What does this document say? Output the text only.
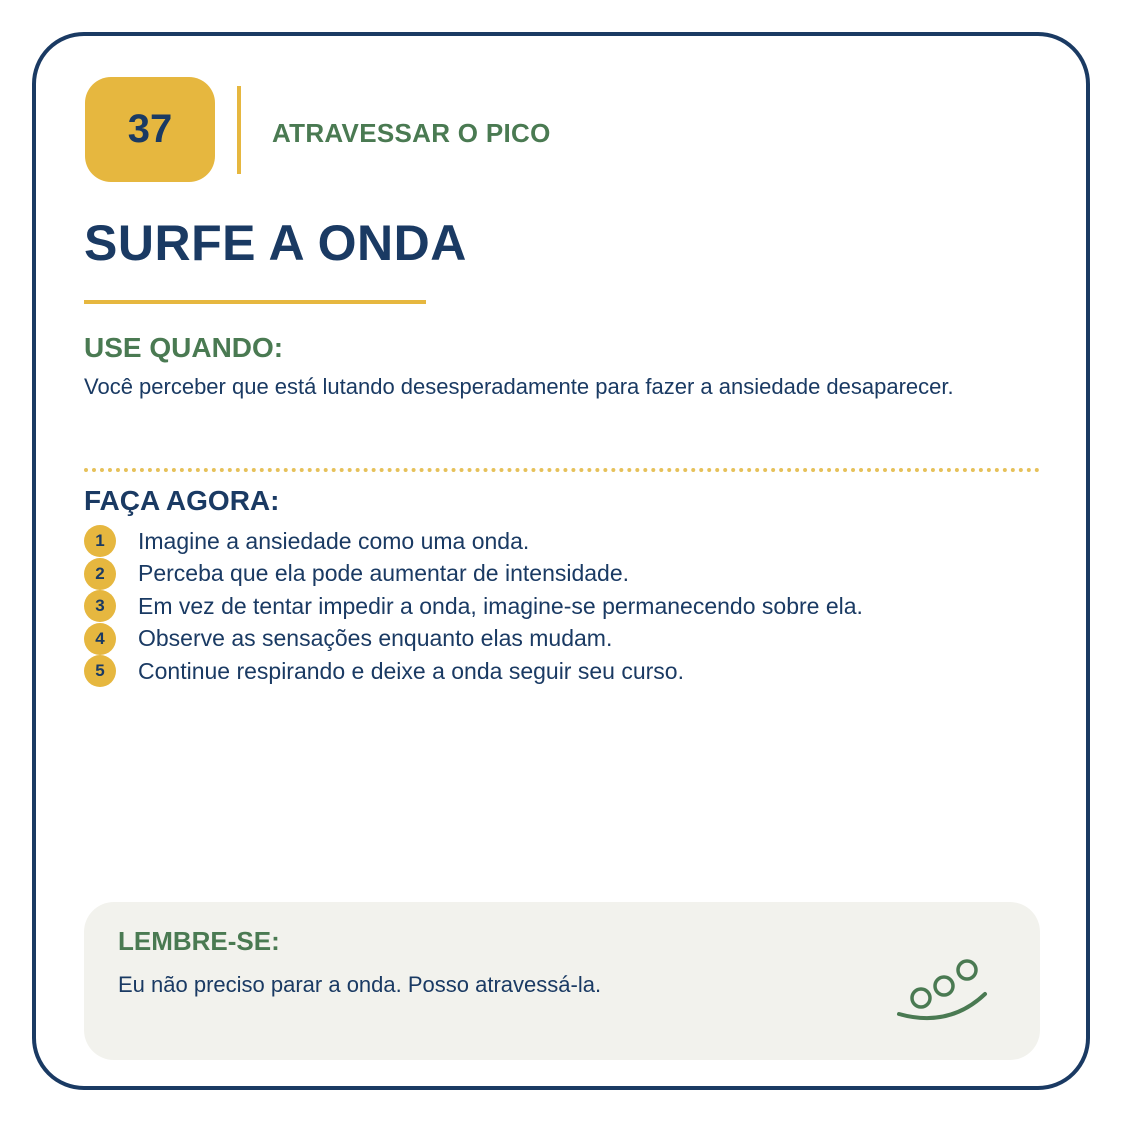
37	ATRAVESSAR O PICO
SURFE A ONDA
USE QUANDO:
Você perceber que está lutando desesperadamente para fazer a ansiedade desaparecer.
FAÇA AGORA:
1	Imagine a ansiedade como uma onda.
2	Perceba que ela pode aumentar de intensidade.
3	Em vez de tentar impedir a onda, imagine-se permanecendo sobre ela.
4	Observe as sensações enquanto elas mudam.
5	Continue respirando e deixe a onda seguir seu curso.
LEMBRE-SE:
Eu não preciso parar a onda. Posso atravessá-la.
